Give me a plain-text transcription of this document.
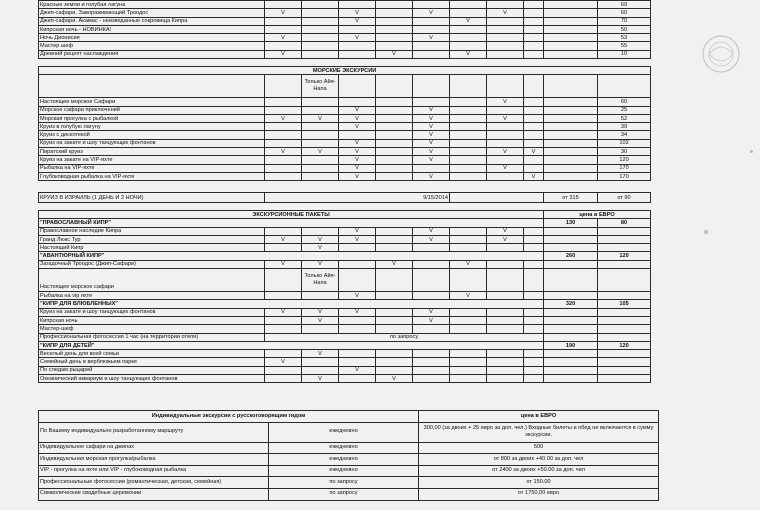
Красные земли и голубая лагуна										69	
Джип-сафари. Завораживающий Троодос	V		V		V		V			60	
Джип-сафари. Акамас - неизведанные сокровища Кипра			V			V				70	
Кипрская ночь - НОВИНКА!										50	
Ночь Дионисия	V		V		V					53	
Мастер шеф										55	
Древний рецепт наслаждения	V			V		V				10	
МОРСКИЕ ЭКСКУРСИИ											
		Только Айя-Напа									
Настоящее морское Сафари							V			60	
Морское сафари приключений			V		V					25	
Морская прогулка с рыбалкой	V	V	V		V		V			52	
Круиз в голубую лагуну			V		V					39	
Круиз с дискотекой					V					34	
Круиз на закате и шоу танцующих фонтанов			V		V					102	
Пиратский круиз	V	V	V		V		V	V		30	
Круиз на закате на VIP-яхте			V		V					120	
Рыбалка на VIP-яхте			V				V			170	
Глубоководная рыбалка на VIP-яхте			V		V			V		170	
КРУИЗ В ИЗРАИЛЬ (1 ДЕНЬ И 2 НОЧИ)	9/15/2014		от 315	от 90
ЭКСКУРСИОННЫЕ ПАКЕТЫ									цена в ЕВРО		
"ПРАВОСЛАВНЫЙ КИПР"									130	80	
Православное наследие Кипра			V		V		V				
Гранд Люкс Тур	V	V	V		V		V				
Настоящий Кипр		V									
"АВАНТЮРНЫЙ КИПР"									260	120	
Загадочный Троодос (Джип-Сафари)	V	V		V		V					
Настоящее морское сафари		Только Айя-Напа									
Рыбалка на vip яхте			V			V					
"КИПР ДЛЯ ВЛЮБЛЕННЫХ"									320	105	
Круиз на закате и шоу танцующих фонтанов	V	V	V		V						
Кипрская ночь		V			V						
Мастер-шеф											
Профессиональная фотосессия 1 час (на территории отеля)	по запросу										
"КИПР ДЛЯ ДЕТЕЙ"									190	120	
Веселый день для всей семьи		V									
Семейный день в верблюжьем парке	V										
По следам рыцарей			V								
Океанический аквариум и шоу танцующих фонтанов		V		V							
Индивидуальные экскурсии с русскоговорящим гидом		цена в ЕВРО
По Вашему индивидуально разработанному маршруту	ежедневно	300,00 (за двоих + 25 евро за доп. чел.) Входные билеты и обед не включаются в сумму экскурсии.
Индивидуальное сафари на джипах	ежедневно	500
Индивидуальная морская прогулка/рыбалка	ежедневно	от 800 за двоих +40.00 за доп. чел
VIP - прогулка на яхте или VIP - глубоководная рыбалка	ежедневно	от 2400 за двоих +50.00 за доп. чел
Профессиональные фотосессии (романтическая, детская, семейная)	по запросу	от 150.00
Символические свадебные церемонии	по запросу	от 1750,00 евро
